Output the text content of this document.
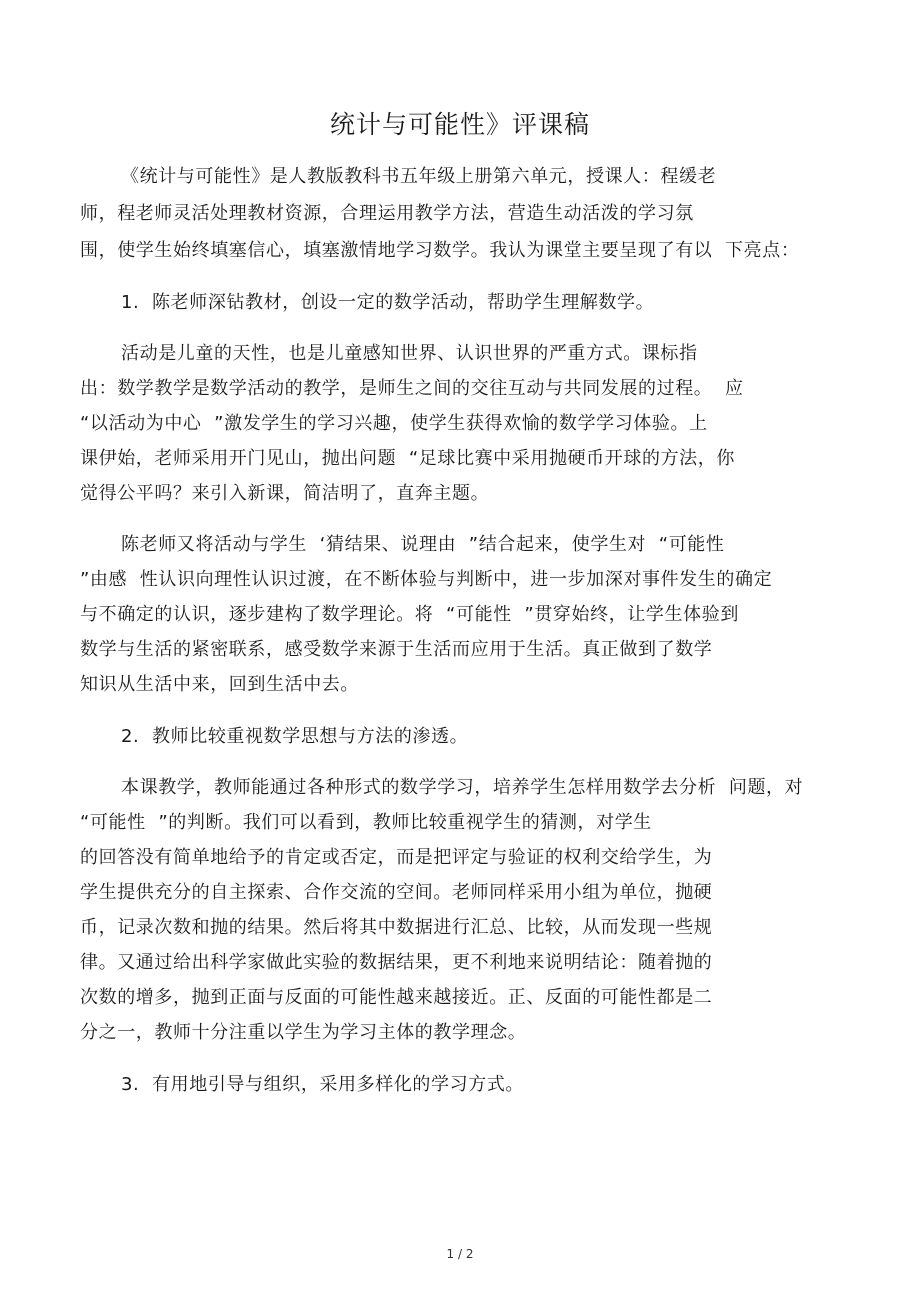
统计与可能性》评课稿
《统计与可能性》是人教版教科书五年级上册第六单元，授课人：程缓老
师，程老师灵活处理教材资源，合理运用教学方法，营造生动活泼的学习氛
围，使学生始终填塞信心，填塞激情地学习数学。我认为课堂主要呈现了有以  下亮点：
1.  陈老师深钻教材，创设一定的数学活动，帮助学生理解数学。
活动是儿童的天性，也是儿童感知世界、认识世界的严重方式。课标指
出：数学教学是数学活动的教学，是师生之间的交往互动与共同发展的过程。  应
“以活动为中心  ”激发学生的学习兴趣，使学生获得欢愉的数学学习体验。上
课伊始，老师采用开门见山，抛出问题  “足球比赛中采用抛硬币开球的方法，你
觉得公平吗？来引入新课，简洁明了，直奔主题。
陈老师又将活动与学生  ‘猜结果、说理由  ”结合起来，使学生对  “可能性
”由感  性认识向理性认识过渡，在不断体验与判断中，进一步加深对事件发生的确定
与不确定的认识，逐步建构了数学理论。将  “可能性  ”贯穿始终，让学生体验到
数学与生活的紧密联系，感受数学来源于生活而应用于生活。真正做到了数学
知识从生活中来，回到生活中去。
2.  教师比较重视数学思想与方法的渗透。
本课教学，教师能通过各种形式的数学学习，培养学生怎样用数学去分析  问题，对
“可能性  ”的判断。我们可以看到，教师比较重视学生的猜测，对学生
的回答没有简单地给予的肯定或否定，而是把评定与验证的权利交给学生，为
学生提供充分的自主探索、合作交流的空间。老师同样采用小组为单位，抛硬
币，记录次数和抛的结果。然后将其中数据进行汇总、比较，从而发现一些规
律。又通过给出科学家做此实验的数据结果，更不利地来说明结论：随着抛的
次数的增多，抛到正面与反面的可能性越来越接近。正、反面的可能性都是二
分之一，教师十分注重以学生为学习主体的教学理念。
3.  有用地引导与组织，采用多样化的学习方式。
1 / 2
